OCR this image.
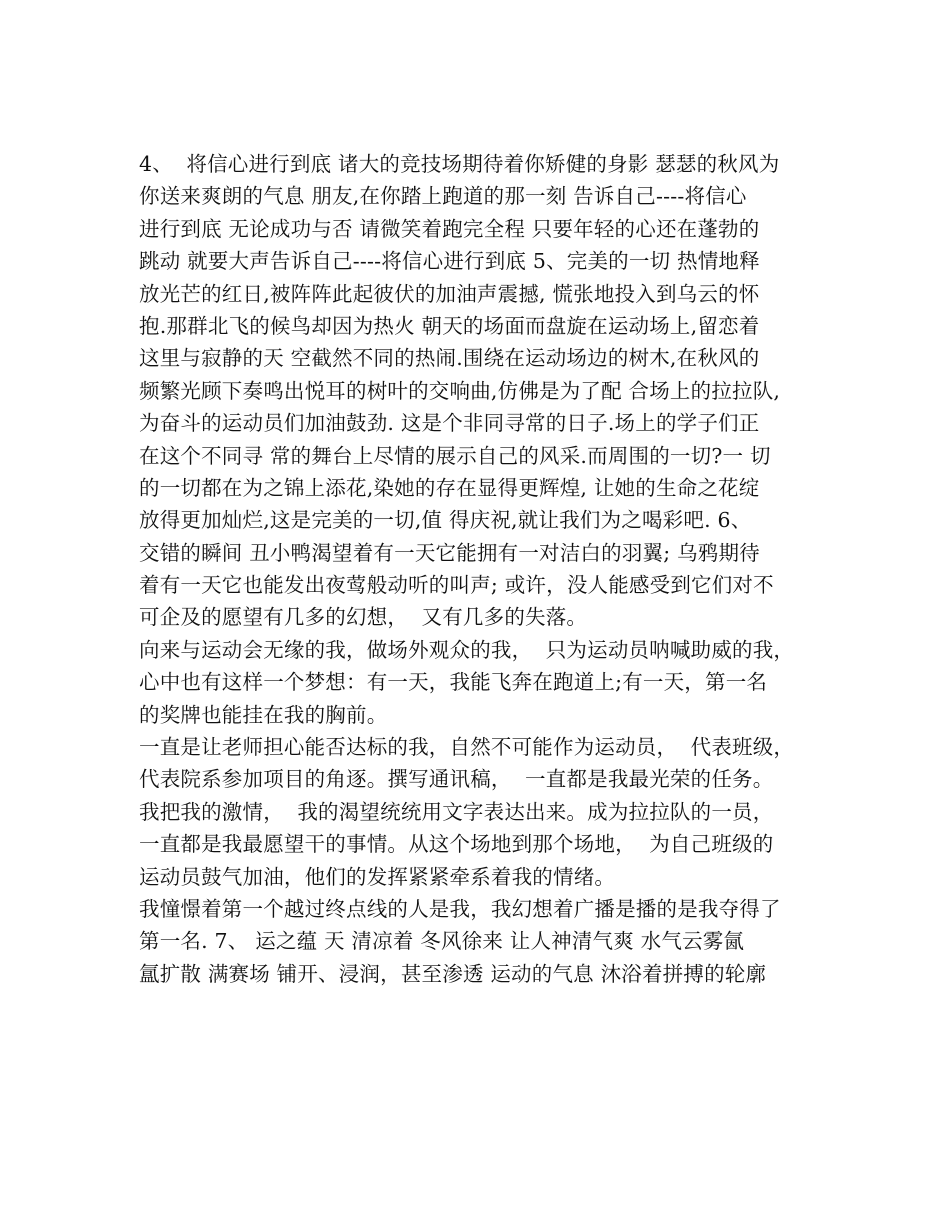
4、  将信心进行到底 诸大的竞技场期待着你矫健的身影 瑟瑟的秋风为
你送来爽朗的气息 朋友,在你踏上跑道的那一刻 告诉自己----将信心
进行到底 无论成功与否 请微笑着跑完全程 只要年轻的心还在蓬勃的
跳动 就要大声告诉自己----将信心进行到底 5、完美的一切 热情地释
放光芒的红日,被阵阵此起彼伏的加油声震撼, 慌张地投入到乌云的怀
抱.那群北飞的候鸟却因为热火 朝天的场面而盘旋在运动场上,留恋着
这里与寂静的天 空截然不同的热闹.围绕在运动场边的树木,在秋风的
频繁光顾下奏鸣出悦耳的树叶的交响曲,仿佛是为了配 合场上的拉拉队,
为奋斗的运动员们加油鼓劲. 这是个非同寻常的日子.场上的学子们正
在这个不同寻 常的舞台上尽情的展示自己的风采.而周围的一切?一 切
的一切都在为之锦上添花,染她的存在显得更辉煌, 让她的生命之花绽
放得更加灿烂,这是完美的一切,值 得庆祝,就让我们为之喝彩吧. 6、
交错的瞬间 丑小鸭渴望着有一天它能拥有一对洁白的羽翼; 乌鸦期待
着有一天它也能发出夜莺般动听的叫声; 或许，没人能感受到它们对不
可企及的愿望有几多的幻想，  又有几多的失落。
向来与运动会无缘的我，做场外观众的我，  只为运动员呐喊助威的我，
心中也有这样一个梦想：有一天，我能飞奔在跑道上;有一天，第一名
的奖牌也能挂在我的胸前。
一直是让老师担心能否达标的我，自然不可能作为运动员，  代表班级，
代表院系参加项目的角逐。撰写通讯稿，  一直都是我最光荣的任务。
我把我的激情，  我的渴望统统用文字表达出来。成为拉拉队的一员，
一直都是我最愿望干的事情。从这个场地到那个场地，  为自己班级的
运动员鼓气加油，他们的发挥紧紧牵系着我的情绪。
我憧憬着第一个越过终点线的人是我，我幻想着广播是播的是我夺得了
第一名. 7、 运之蕴 天 清凉着 冬风徐来 让人神清气爽 水气云雾氤
氲扩散 满赛场 铺开、浸润，甚至渗透 运动的气息 沐浴着拼搏的轮廓
